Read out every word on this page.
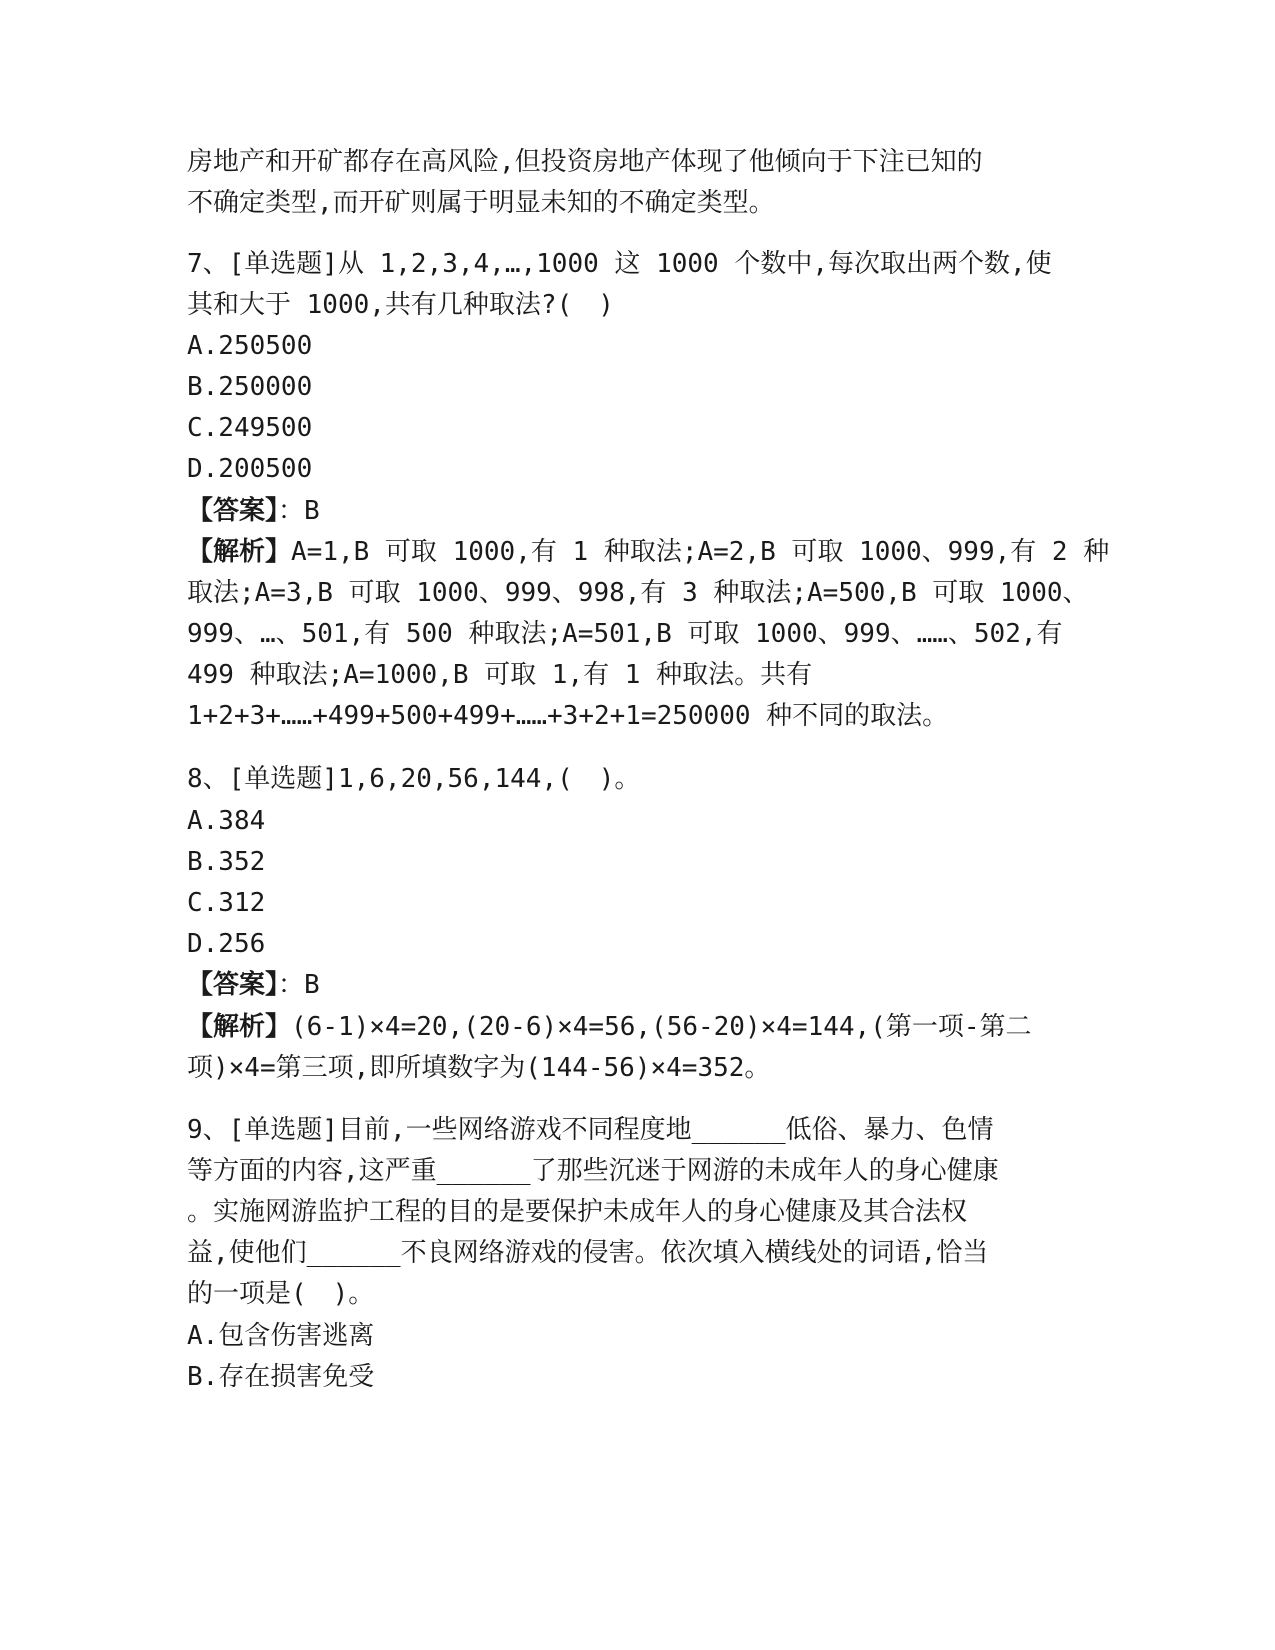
房地产和开矿都存在高风险,但投资房地产体现了他倾向于下注已知的
不确定类型,而开矿则属于明显未知的不确定类型。
7、[单选题]从 1,2,3,4,…,1000 这 1000 个数中,每次取出两个数,使
其和大于 1000,共有几种取法?(　)
A.250500
B.250000
C.249500
D.200500
【答案】：B
【解析】A=1,B 可取 1000,有 1 种取法;A=2,B 可取 1000、999,有 2 种
取法;A=3,B 可取 1000、999、998,有 3 种取法;A=500,B 可取 1000、
999、…、501,有 500 种取法;A=501,B 可取 1000、999、……、502,有
499 种取法;A=1000,B 可取 1,有 1 种取法。共有
1+2+3+……+499+500+499+……+3+2+1=250000 种不同的取法。
8、[单选题]1,6,20,56,144,(　)。
A.384
B.352
C.312
D.256
【答案】：B
【解析】(6-1)×4=20,(20-6)×4=56,(56-20)×4=144,(第一项-第二
项)×4=第三项,即所填数字为(144-56)×4=352。
9、[单选题]目前,一些网络游戏不同程度地______低俗、暴力、色情
等方面的内容,这严重______了那些沉迷于网游的未成年人的身心健康
。实施网游监护工程的目的是要保护未成年人的身心健康及其合法权
益,使他们______不良网络游戏的侵害。依次填入横线处的词语,恰当
的一项是(　)。
A.包含伤害逃离
B.存在损害免受
